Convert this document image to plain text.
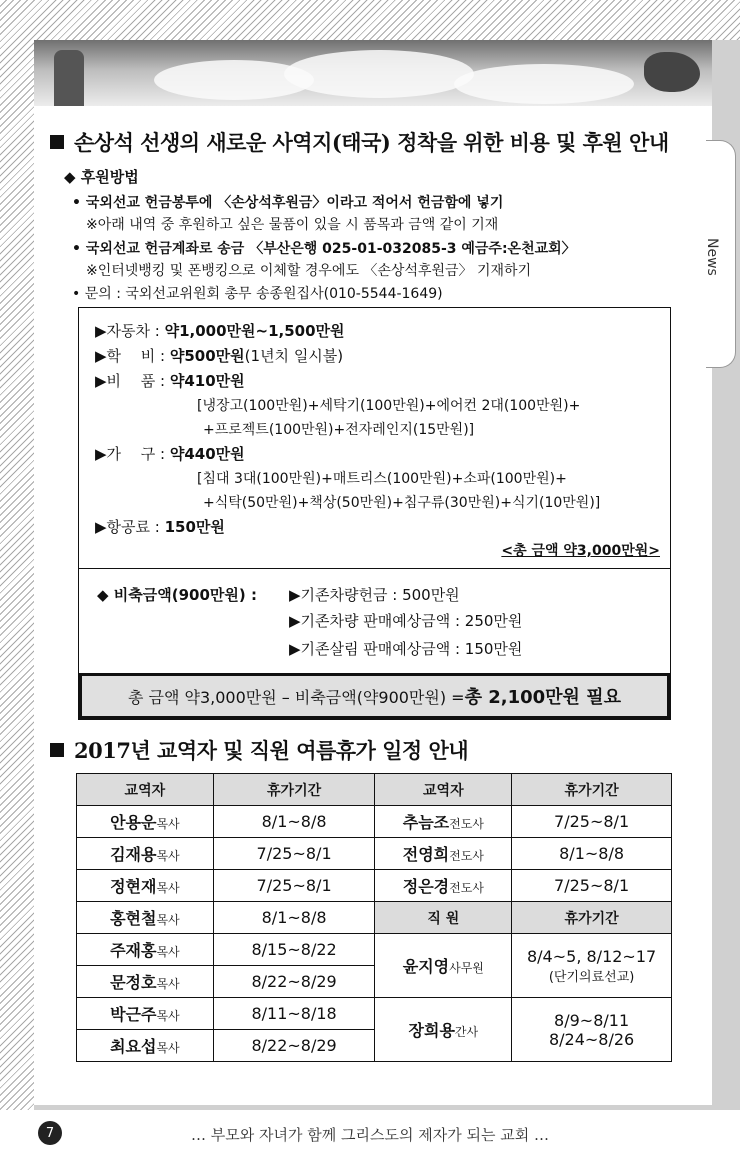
News
손상석 선생의 새로운 사역지(태국) 정착을 위한 비용 및 후원 안내
◆ 후원방법
• 국외선교 헌금봉투에 〈손상석후원금〉이라고 적어서 헌금함에 넣기
※아래 내역 중 후원하고 싶은 물품이 있을 시 품목과 금액 같이 기재
• 국외선교 헌금계좌로 송금 〈부산은행 025-01-032085-3 예금주:온천교회〉
※인터넷뱅킹 및 폰뱅킹으로 이체할 경우에도 〈손상석후원금〉 기재하기
• 문의 : 국외선교위원회 총무 송종원집사(010-5544-1649)
▶자동차 : 약1,000만원~1,500만원
▶학　 비 : 약500만원(1년치 일시불)
▶비　 품 : 약410만원
[냉장고(100만원)+세탁기(100만원)+에어컨 2대(100만원)+
+프로젝트(100만원)+전자레인지(15만원)]
▶가　 구 : 약440만원
[침대 3대(100만원)+매트리스(100만원)+소파(100만원)+
+식탁(50만원)+책상(50만원)+침구류(30만원)+식기(10만원)]
▶항공료 : 150만원
<총 금액 약3,000만원>
◆ 비축금액(900만원) : ▶기존차량헌금 : 500만원
▶기존차량 판매예상금액 : 250만원
▶기존살림 판매예상금액 : 150만원
총 금액 약3,000만원 – 비축금액(약900만원) = 총 2,100만원 필요
2017년 교역자 및 직원 여름휴가 일정 안내
교역자	휴가기간	교역자	휴가기간
안용운목사	8/1~8/8	추늠조전도사	7/25~8/1
김재용목사	7/25~8/1	전영희전도사	8/1~8/8
정현재목사	7/25~8/1	정은경전도사	7/25~8/1
홍현철목사	8/1~8/8	직 원	휴가기간
주재홍목사	8/15~8/22	윤지영사무원	8/4~5, 8/12~17
(단기의료선교)

문정호목사	8/22~8/29		
박근주목사	8/11~8/18	장희용간사	8/9~8/11
8/24~8/26

최요섭목사	8/22~8/29		
7	… 부모와 자녀가 함께 그리스도의 제자가 되는 교회 …
